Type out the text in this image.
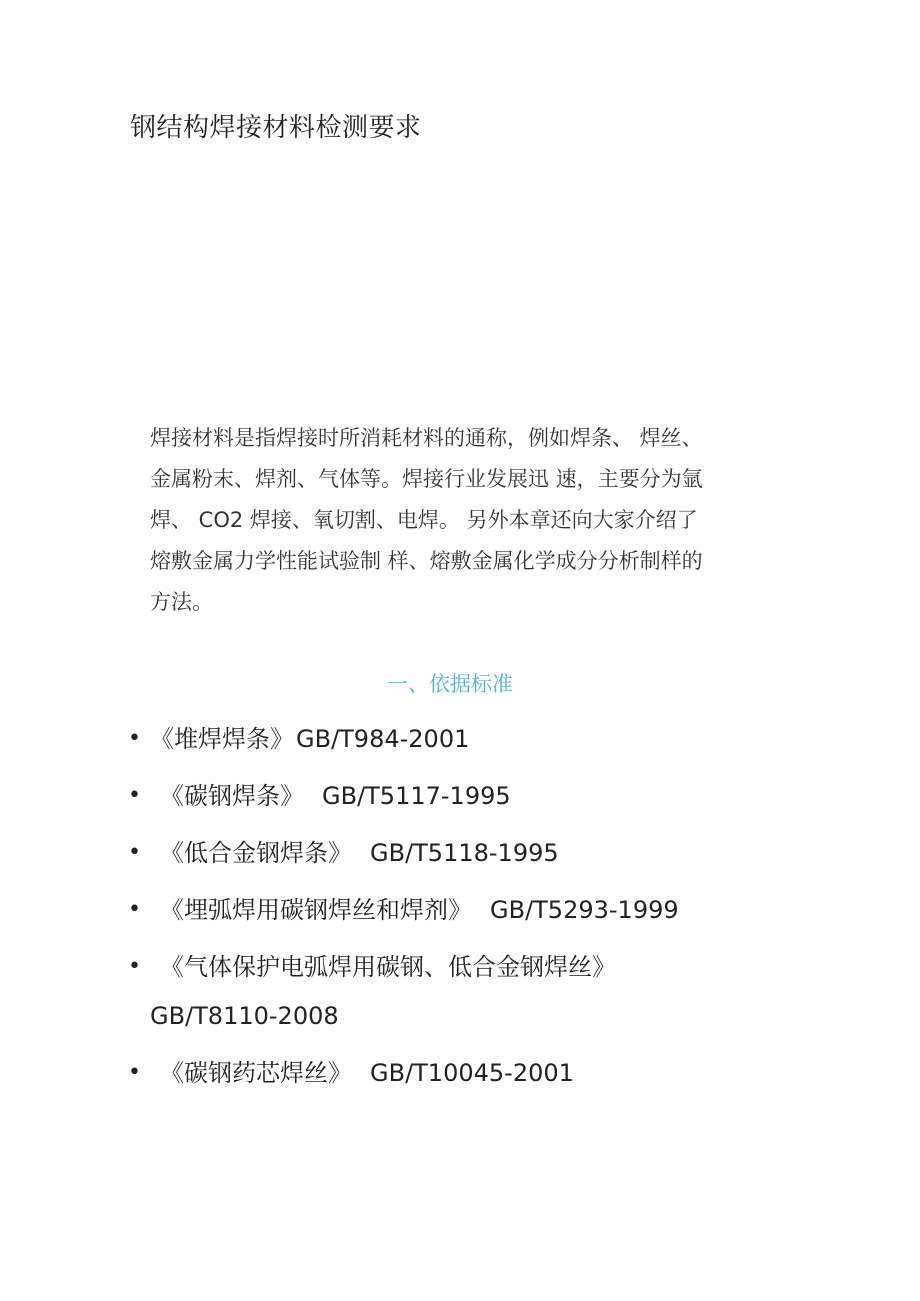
钢结构焊接材料检测要求
焊接材料是指焊接时所消耗材料的通称，例如焊条、 焊丝、
金属粉末、焊剂、气体等。焊接行业发展迅 速，主要分为氩
焊、 CO2 焊接、氧切割、电焊。 另外本章还向大家介绍了
熔敷金属力学性能试验制 样、熔敷金属化学成分分析制样的
方法。
一、依据标准
• 《堆焊焊条》GB/T984-2001
• 《碳钢焊条》 GB/T5117-1995
• 《低合金钢焊条》 GB/T5118-1995
• 《埋弧焊用碳钢焊丝和焊剂》 GB/T5293-1999
• 《气体保护电弧焊用碳钢、低合金钢焊丝》
GB/T8110-2008
• 《碳钢药芯焊丝》 GB/T10045-2001
